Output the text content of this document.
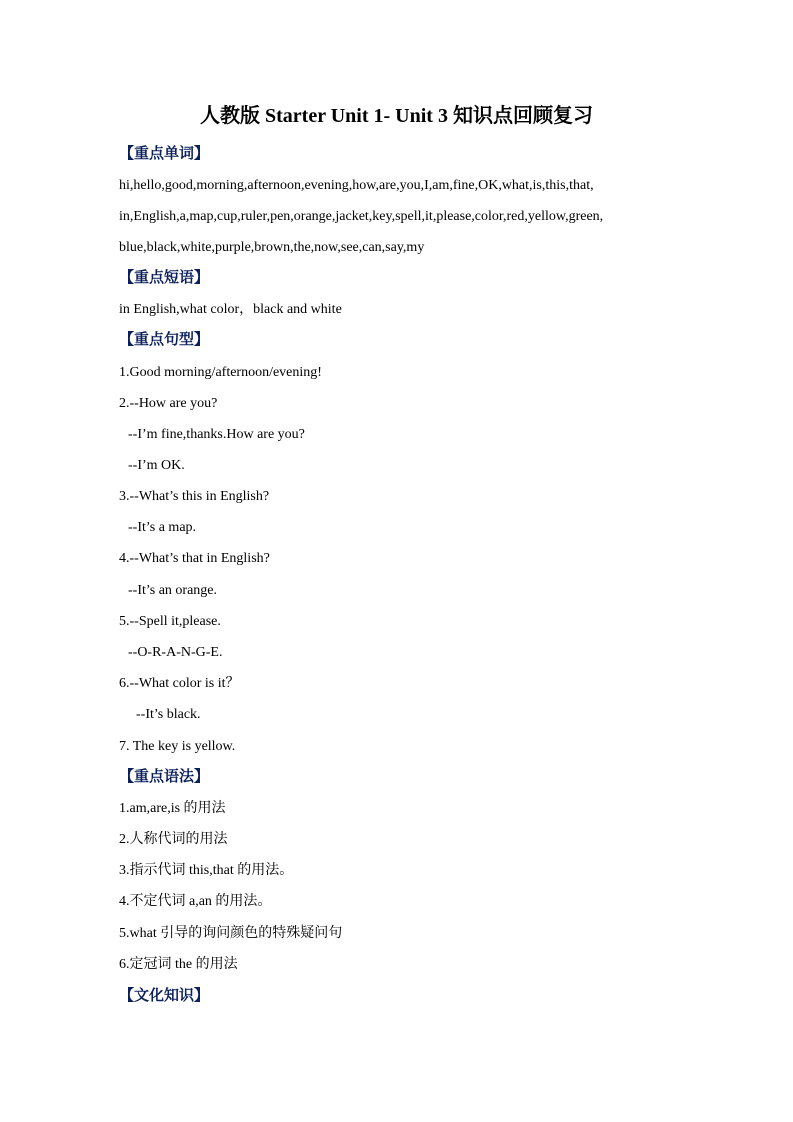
人教版 Starter Unit 1- Unit 3 知识点回顾复习
【重点单词】
hi,hello,good,morning,afternoon,evening,how,are,you,I,am,fine,OK,what,is,this,that,
in,English,a,map,cup,ruler,pen,orange,jacket,key,spell,it,please,color,red,yellow,green,
blue,black,white,purple,brown,the,now,see,can,say,my
【重点短语】
in English,what color，black and white
【重点句型】
1.Good morning/afternoon/evening!
2.--How are you?
--I’m fine,thanks.How are you?
--I’m OK.
3.--What’s this in English?
--It’s a map.
4.--What’s that in English?
--It’s an orange.
5.--Spell it,please.
--O-R-A-N-G-E.
6.--What color is it？
--It’s black.
7. The key is yellow.
【重点语法】
1.am,are,is 的用法
2.人称代词的用法
3.指示代词 this,that 的用法。
4.不定代词 a,an 的用法。
5.what 引导的询问颜色的特殊疑问句
6.定冠词 the 的用法
【文化知识】
